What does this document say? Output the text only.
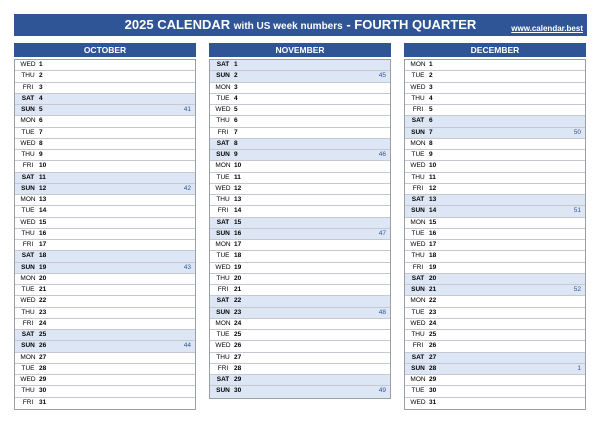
2025 CALENDAR with US week numbers - FOURTH QUARTER	www.calendar.best
OCTOBER
WED 1
THU 2
FRI 3
SAT 4
SUN 5	41
MON 6
TUE 7
WED 8
THU 9
FRI 10
SAT 11
SUN 12	42
MON 13
TUE 14
WED 15
THU 16
FRI 17
SAT 18
SUN 19	43
MON 20
TUE 21
WED 22
THU 23
FRI 24
SAT 25
SUN 26	44
MON 27
TUE 28
WED 29
THU 30
FRI 31
NOVEMBER
SAT 1
SUN 2	45
MON 3
TUE 4
WED 5
THU 6
FRI 7
SAT 8
SUN 9	46
MON 10
TUE 11
WED 12
THU 13
FRI 14
SAT 15
SUN 16	47
MON 17
TUE 18
WED 19
THU 20
FRI 21
SAT 22
SUN 23	48
MON 24
TUE 25
WED 26
THU 27
FRI 28
SAT 29
SUN 30	49
DECEMBER
MON 1
TUE 2
WED 3
THU 4
FRI 5
SAT 6
SUN 7	50
MON 8
TUE 9
WED 10
THU 11
FRI 12
SAT 13
SUN 14	51
MON 15
TUE 16
WED 17
THU 18
FRI 19
SAT 20
SUN 21	52
MON 22
TUE 23
WED 24
THU 25
FRI 26
SAT 27
SUN 28	1
MON 29
TUE 30
WED 31
